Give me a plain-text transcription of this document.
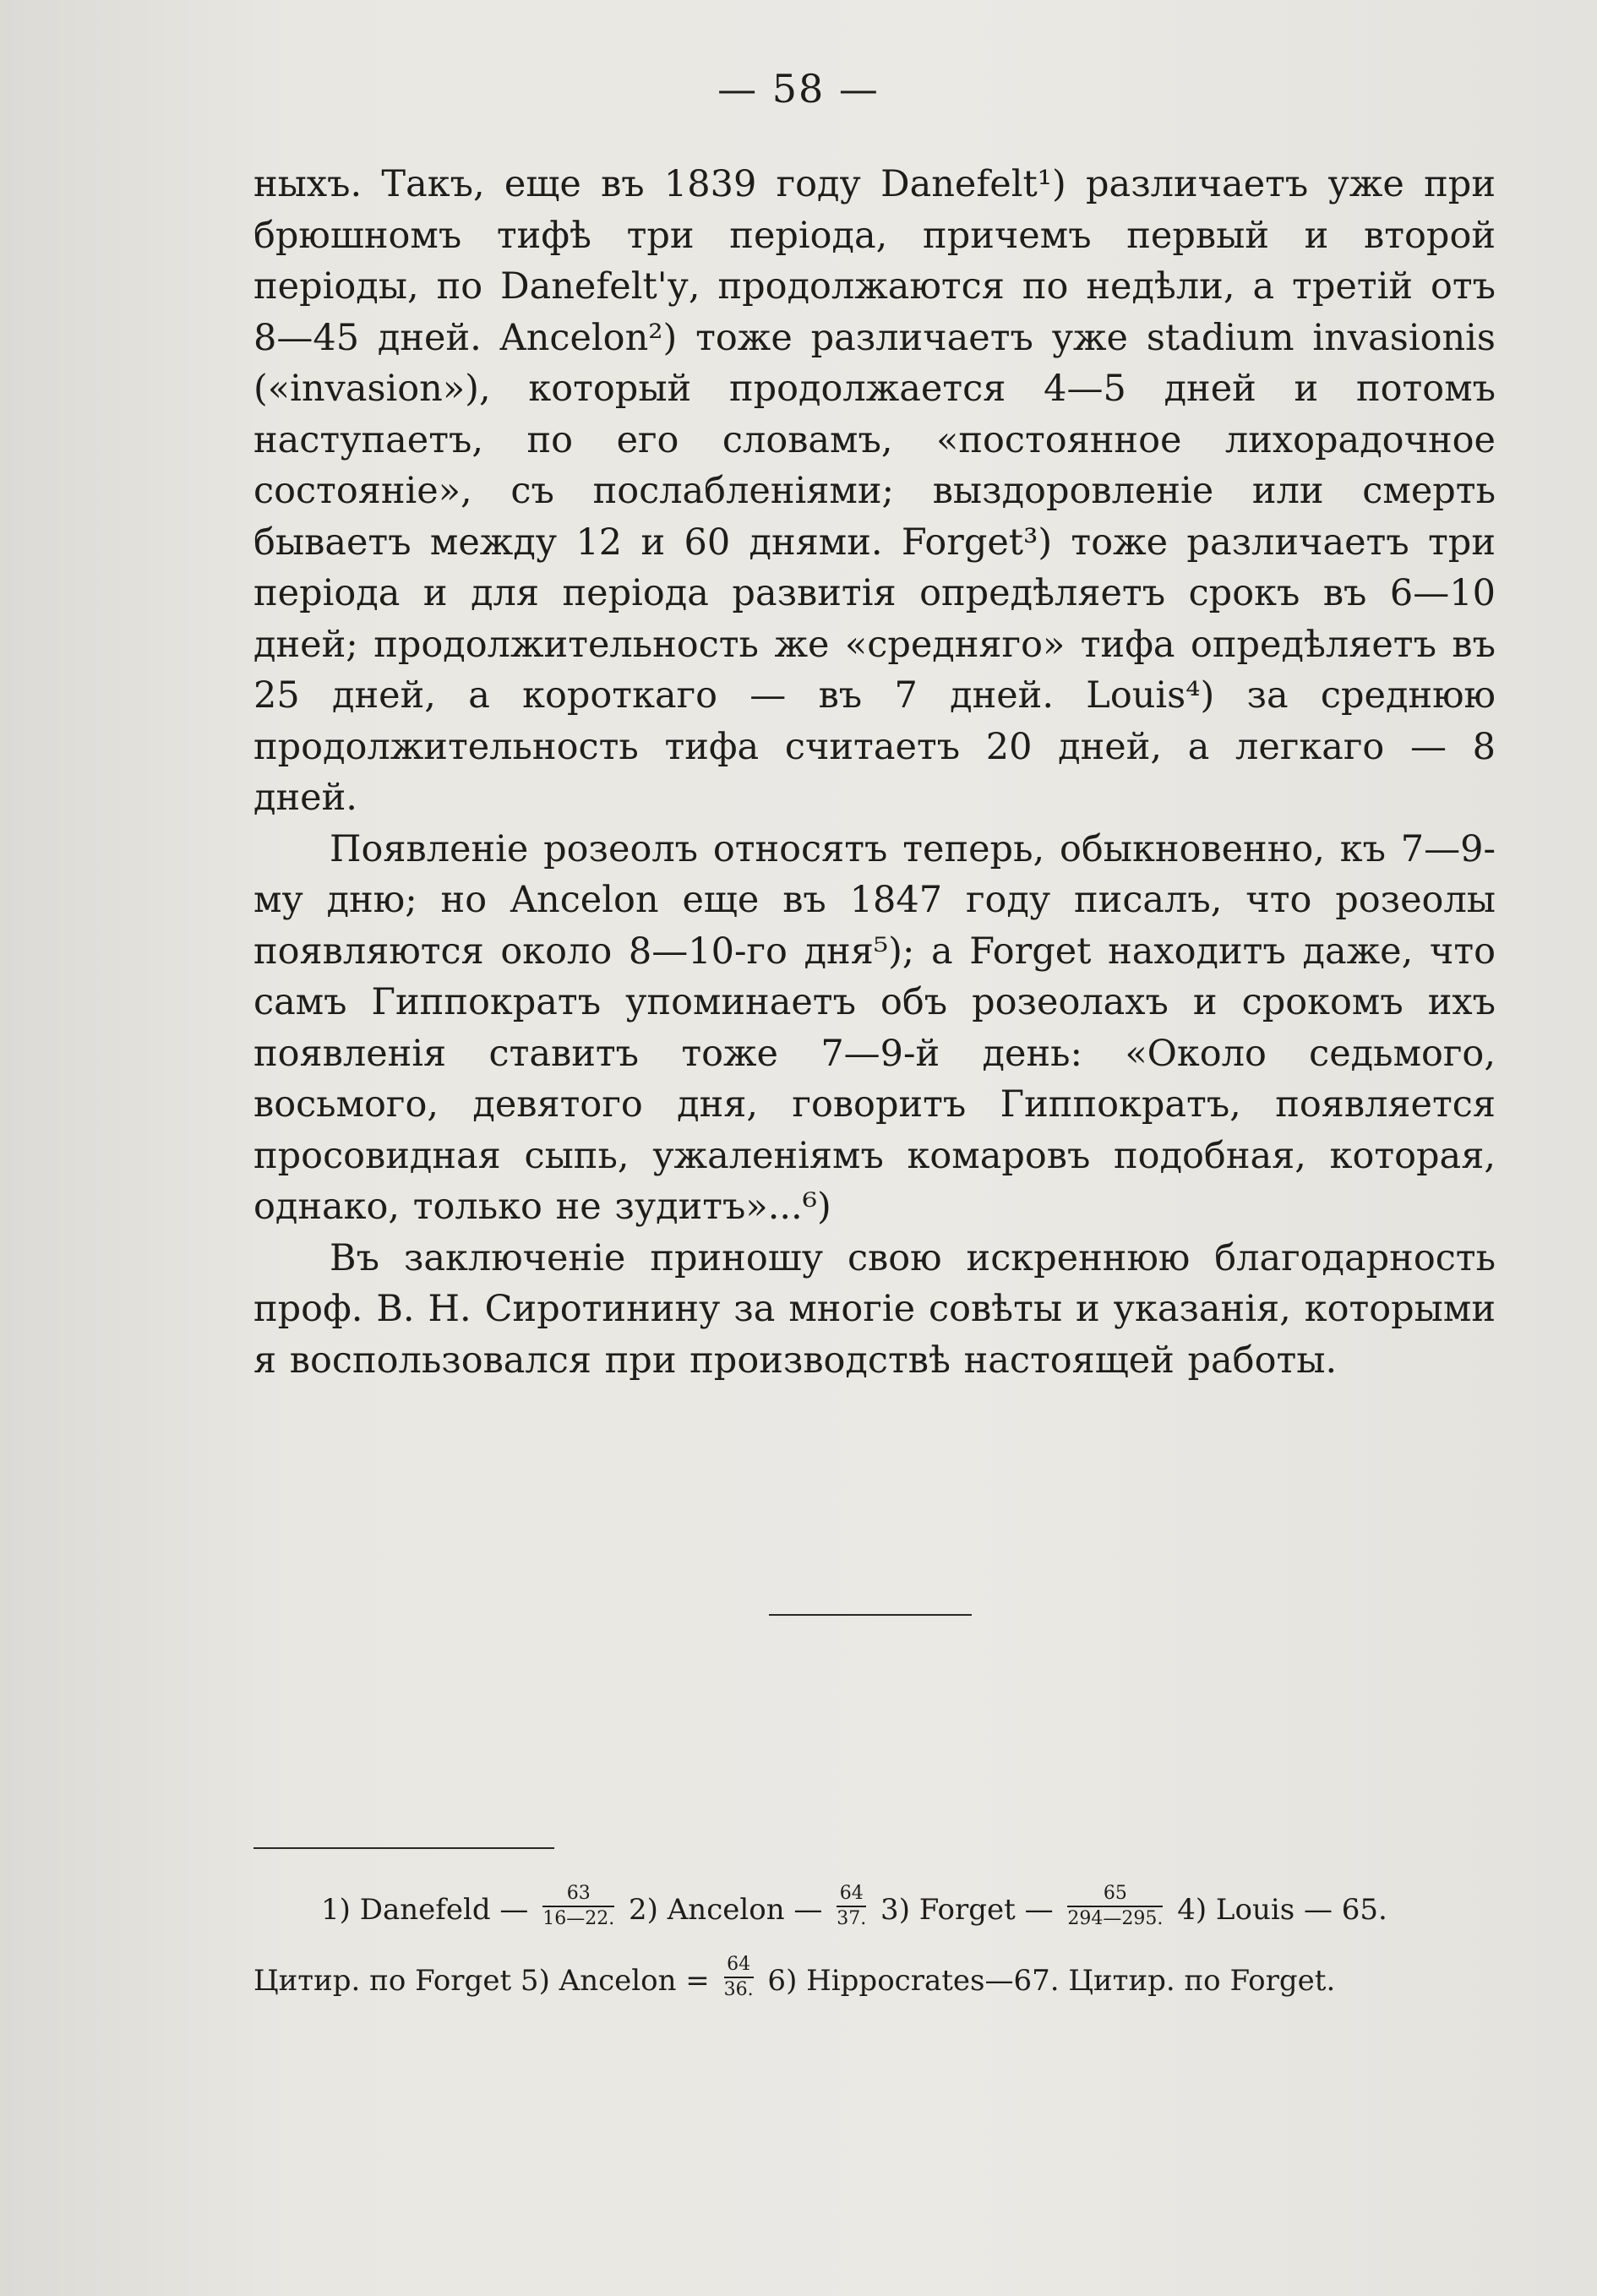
— 58 —

ныхъ. Такъ, еще въ 1839 году Danefelt¹) различаетъ уже при брюшномъ тифѣ три періода, причемъ первый и второй періоды, по Danefelt'у, продолжаются по недѣли, а третій отъ 8—45 дней. Ancelon²) тоже различаетъ уже stadium invasionis («invasion»), который продолжается 4—5 дней и потомъ наступаетъ, по его словамъ, «постоянное лихорадочное состояніе», съ послабленіями; выздоровленіе или смерть бываетъ между 12 и 60 днями. Forget³) тоже различаетъ три періода и для періода развитія опредѣляетъ срокъ въ 6—10 дней; продолжительность же «средняго» тифа опредѣляетъ въ 25 дней, а короткаго — въ 7 дней. Louis⁴) за среднюю продолжительность тифа считаетъ 20 дней, а легкаго — 8 дней.

Появленіе розеолъ относятъ теперь, обыкновенно, къ 7—9-му дню; но Ancelon еще въ 1847 году писалъ, что розеолы появляются около 8—10-го дня⁵); а Forget находитъ даже, что самъ Гиппократъ упоминаетъ объ розеолахъ и срокомъ ихъ появленія ставитъ тоже 7—9-й день: «Около седьмого, восьмого, девятого дня, говоритъ Гиппократъ, появляется просовидная сыпь, ужаленіямъ комаровъ подобная, которая, однако, только не зудитъ»...⁶)

Въ заключеніе приношу свою искреннюю благодарность проф. В. Н. Сиротинину за многіе совѣты и указанія, которыми я воспользовался при производствѣ настоящей работы.

1) Danefeld — $\frac{63}{16—22.} 2$) Ancelon — $\frac{64}{37.} 3$) Forget — $\frac{65}{294—295.} 4$) Louis — 65.
Цитир. по Forget 5) Ancelon = $\frac{64}{36.} 6$) Hippocrates—67. Цитир. по Forget.
